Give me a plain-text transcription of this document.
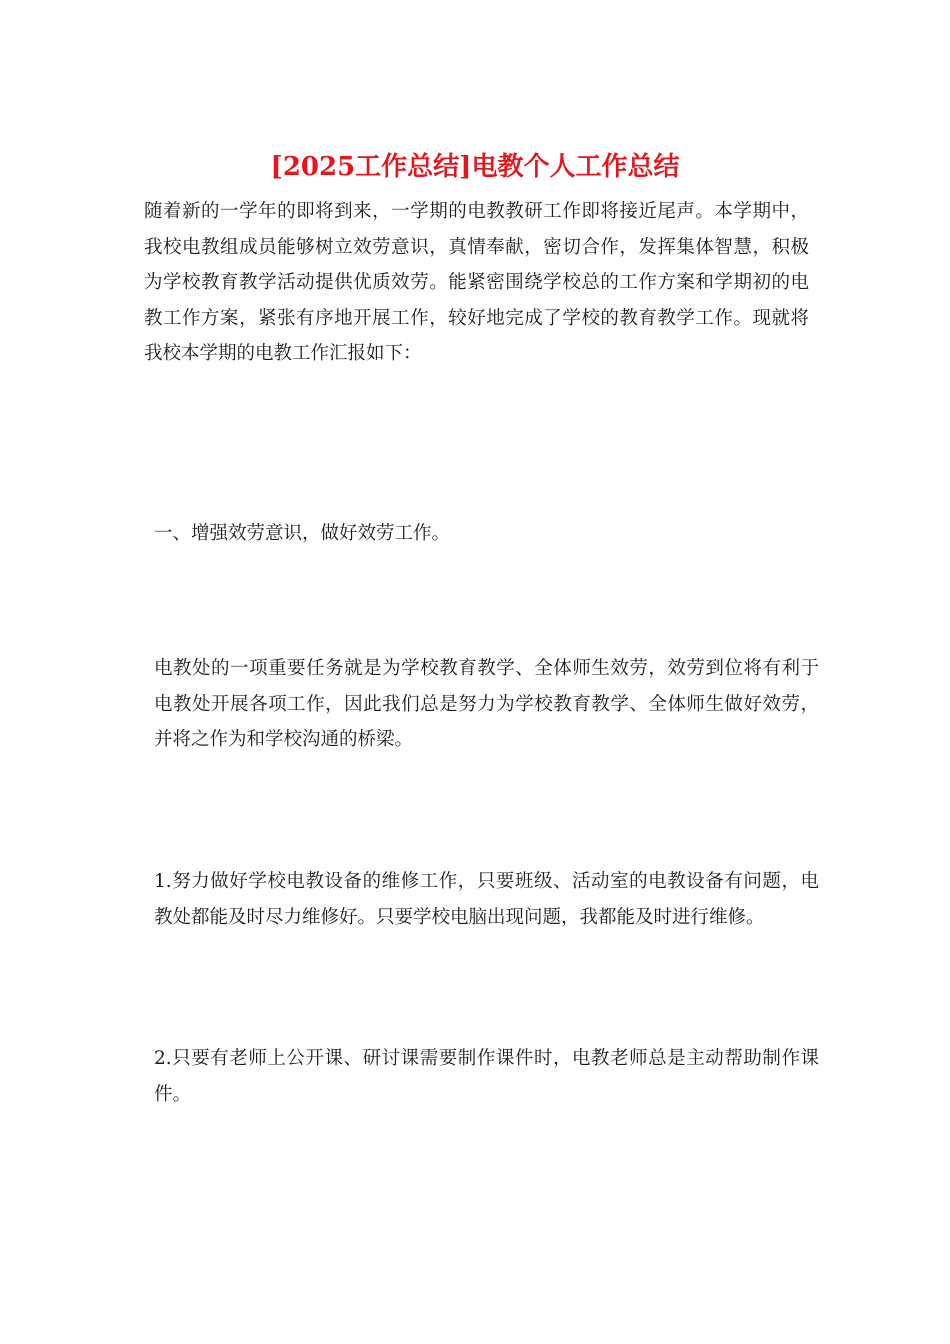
[2025工作总结]电教个人工作总结

随着新的一学年的即将到来，一学期的电教教研工作即将接近尾声。本学期中，我校电教组成员能够树立效劳意识，真情奉献，密切合作，发挥集体智慧，积极为学校教育教学活动提供优质效劳。能紧密围绕学校总的工作方案和学期初的电教工作方案，紧张有序地开展工作，较好地完成了学校的教育教学工作。现就将我校本学期的电教工作汇报如下：

一、增强效劳意识，做好效劳工作。

电教处的一项重要任务就是为学校教育教学、全体师生效劳，效劳到位将有利于电教处开展各项工作，因此我们总是努力为学校教育教学、全体师生做好效劳，并将之作为和学校沟通的桥梁。

1.努力做好学校电教设备的维修工作，只要班级、活动室的电教设备有问题，电教处都能及时尽力维修好。只要学校电脑出现问题，我都能及时进行维修。

2.只要有老师上公开课、研讨课需要制作课件时，电教老师总是主动帮助制作课件。
